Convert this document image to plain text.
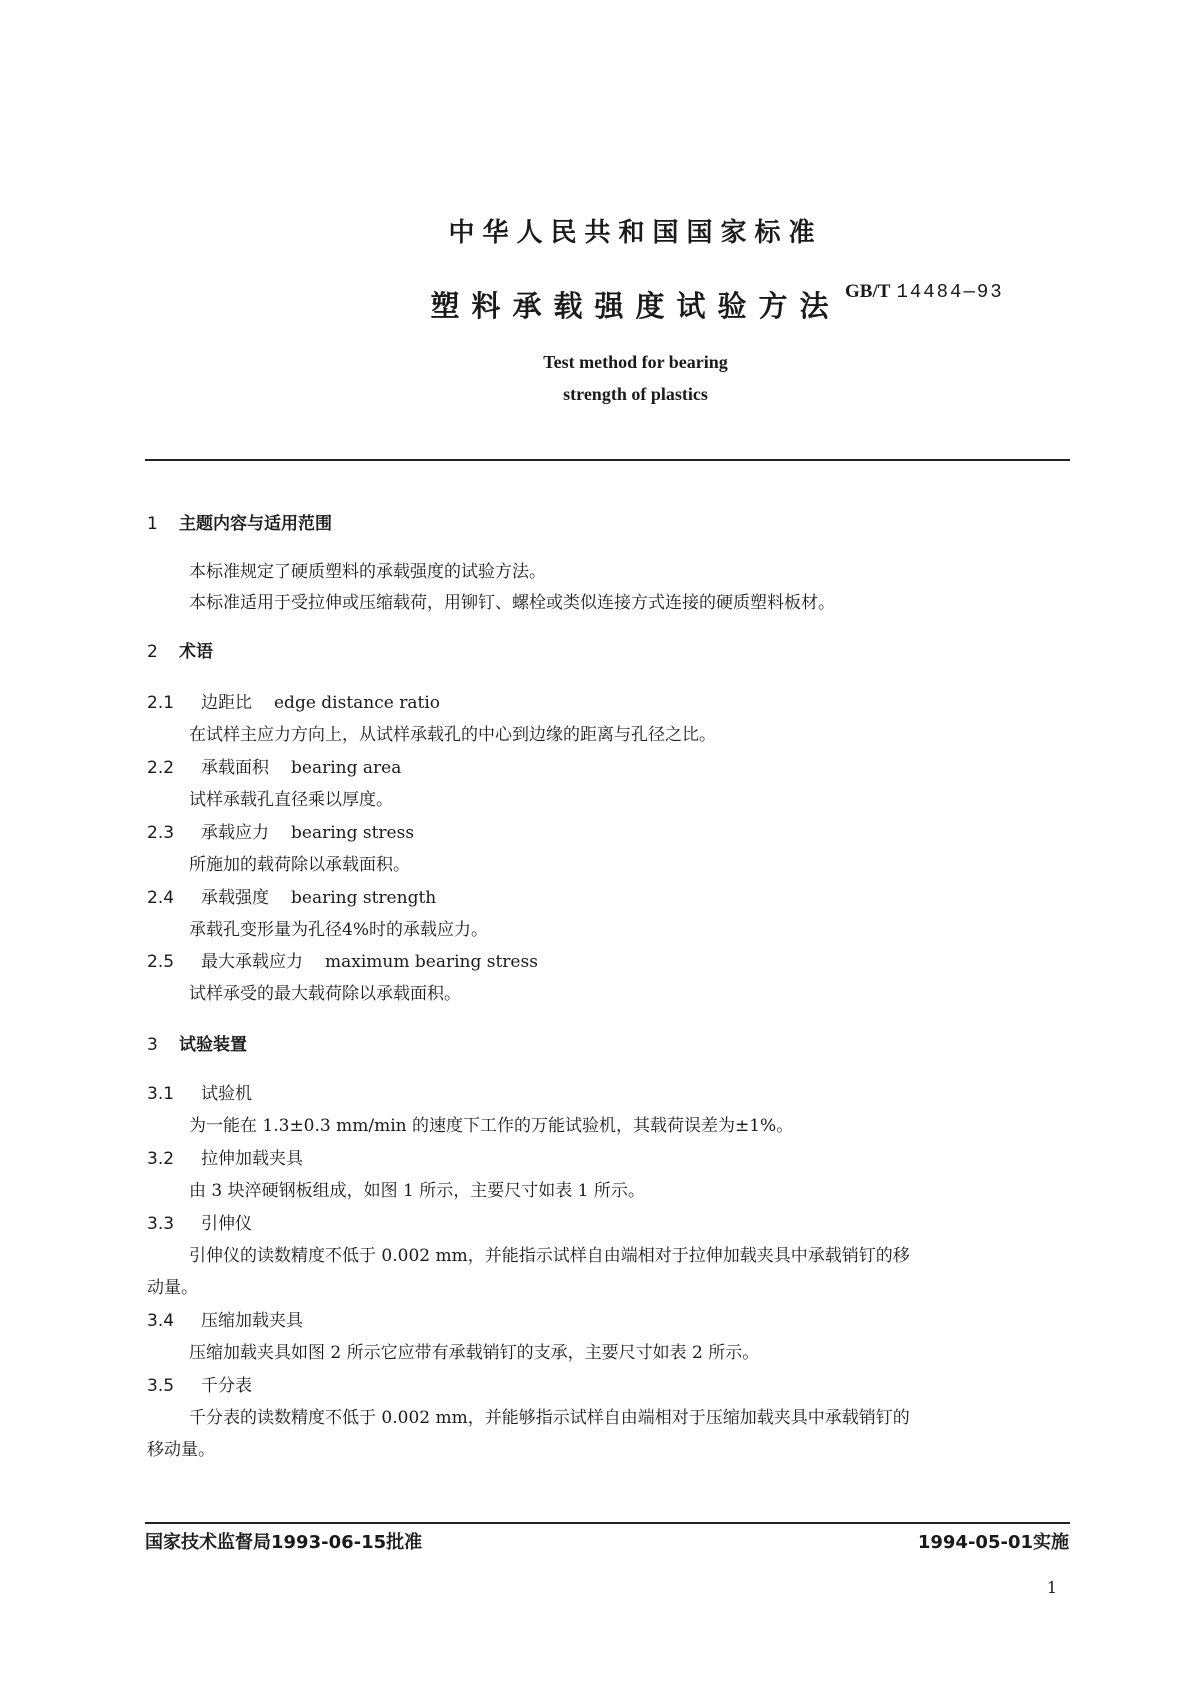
中华人民共和国国家标准
塑料承载强度试验方法 GB/T 14484—93
Test method for bearing
strength of plastics
1 主题内容与适用范围
本标准规定了硬质塑料的承载强度的试验方法。
本标准适用于受拉伸或压缩载荷，用铆钉、螺栓或类似连接方式连接的硬质塑料板材。
2 术语
2.1 边距比 edge distance ratio
在试样主应力方向上，从试样承载孔的中心到边缘的距离与孔径之比。
2.2 承载面积 bearing area
试样承载孔直径乘以厚度。
2.3 承载应力 bearing stress
所施加的载荷除以承载面积。
2.4 承载强度 bearing strength
承载孔变形量为孔径4%时的承载应力。
2.5 最大承载应力 maximum bearing stress
试样承受的最大载荷除以承载面积。
3 试验装置
3.1 试验机
为一能在 1.3±0.3 mm/min 的速度下工作的万能试验机，其载荷误差为±1%。
3.2 拉伸加载夹具
由 3 块淬硬钢板组成，如图 1 所示，主要尺寸如表 1 所示。
3.3 引伸仪
引伸仪的读数精度不低于 0.002 mm，并能指示试样自由端相对于拉伸加载夹具中承载销钉的移
动量。
3.4 压缩加载夹具
压缩加载夹具如图 2 所示它应带有承载销钉的支承，主要尺寸如表 2 所示。
3.5 千分表
千分表的读数精度不低于 0.002 mm，并能够指示试样自由端相对于压缩加载夹具中承载销钉的
移动量。
国家技术监督局1993-06-15批准	1994-05-01实施
1
